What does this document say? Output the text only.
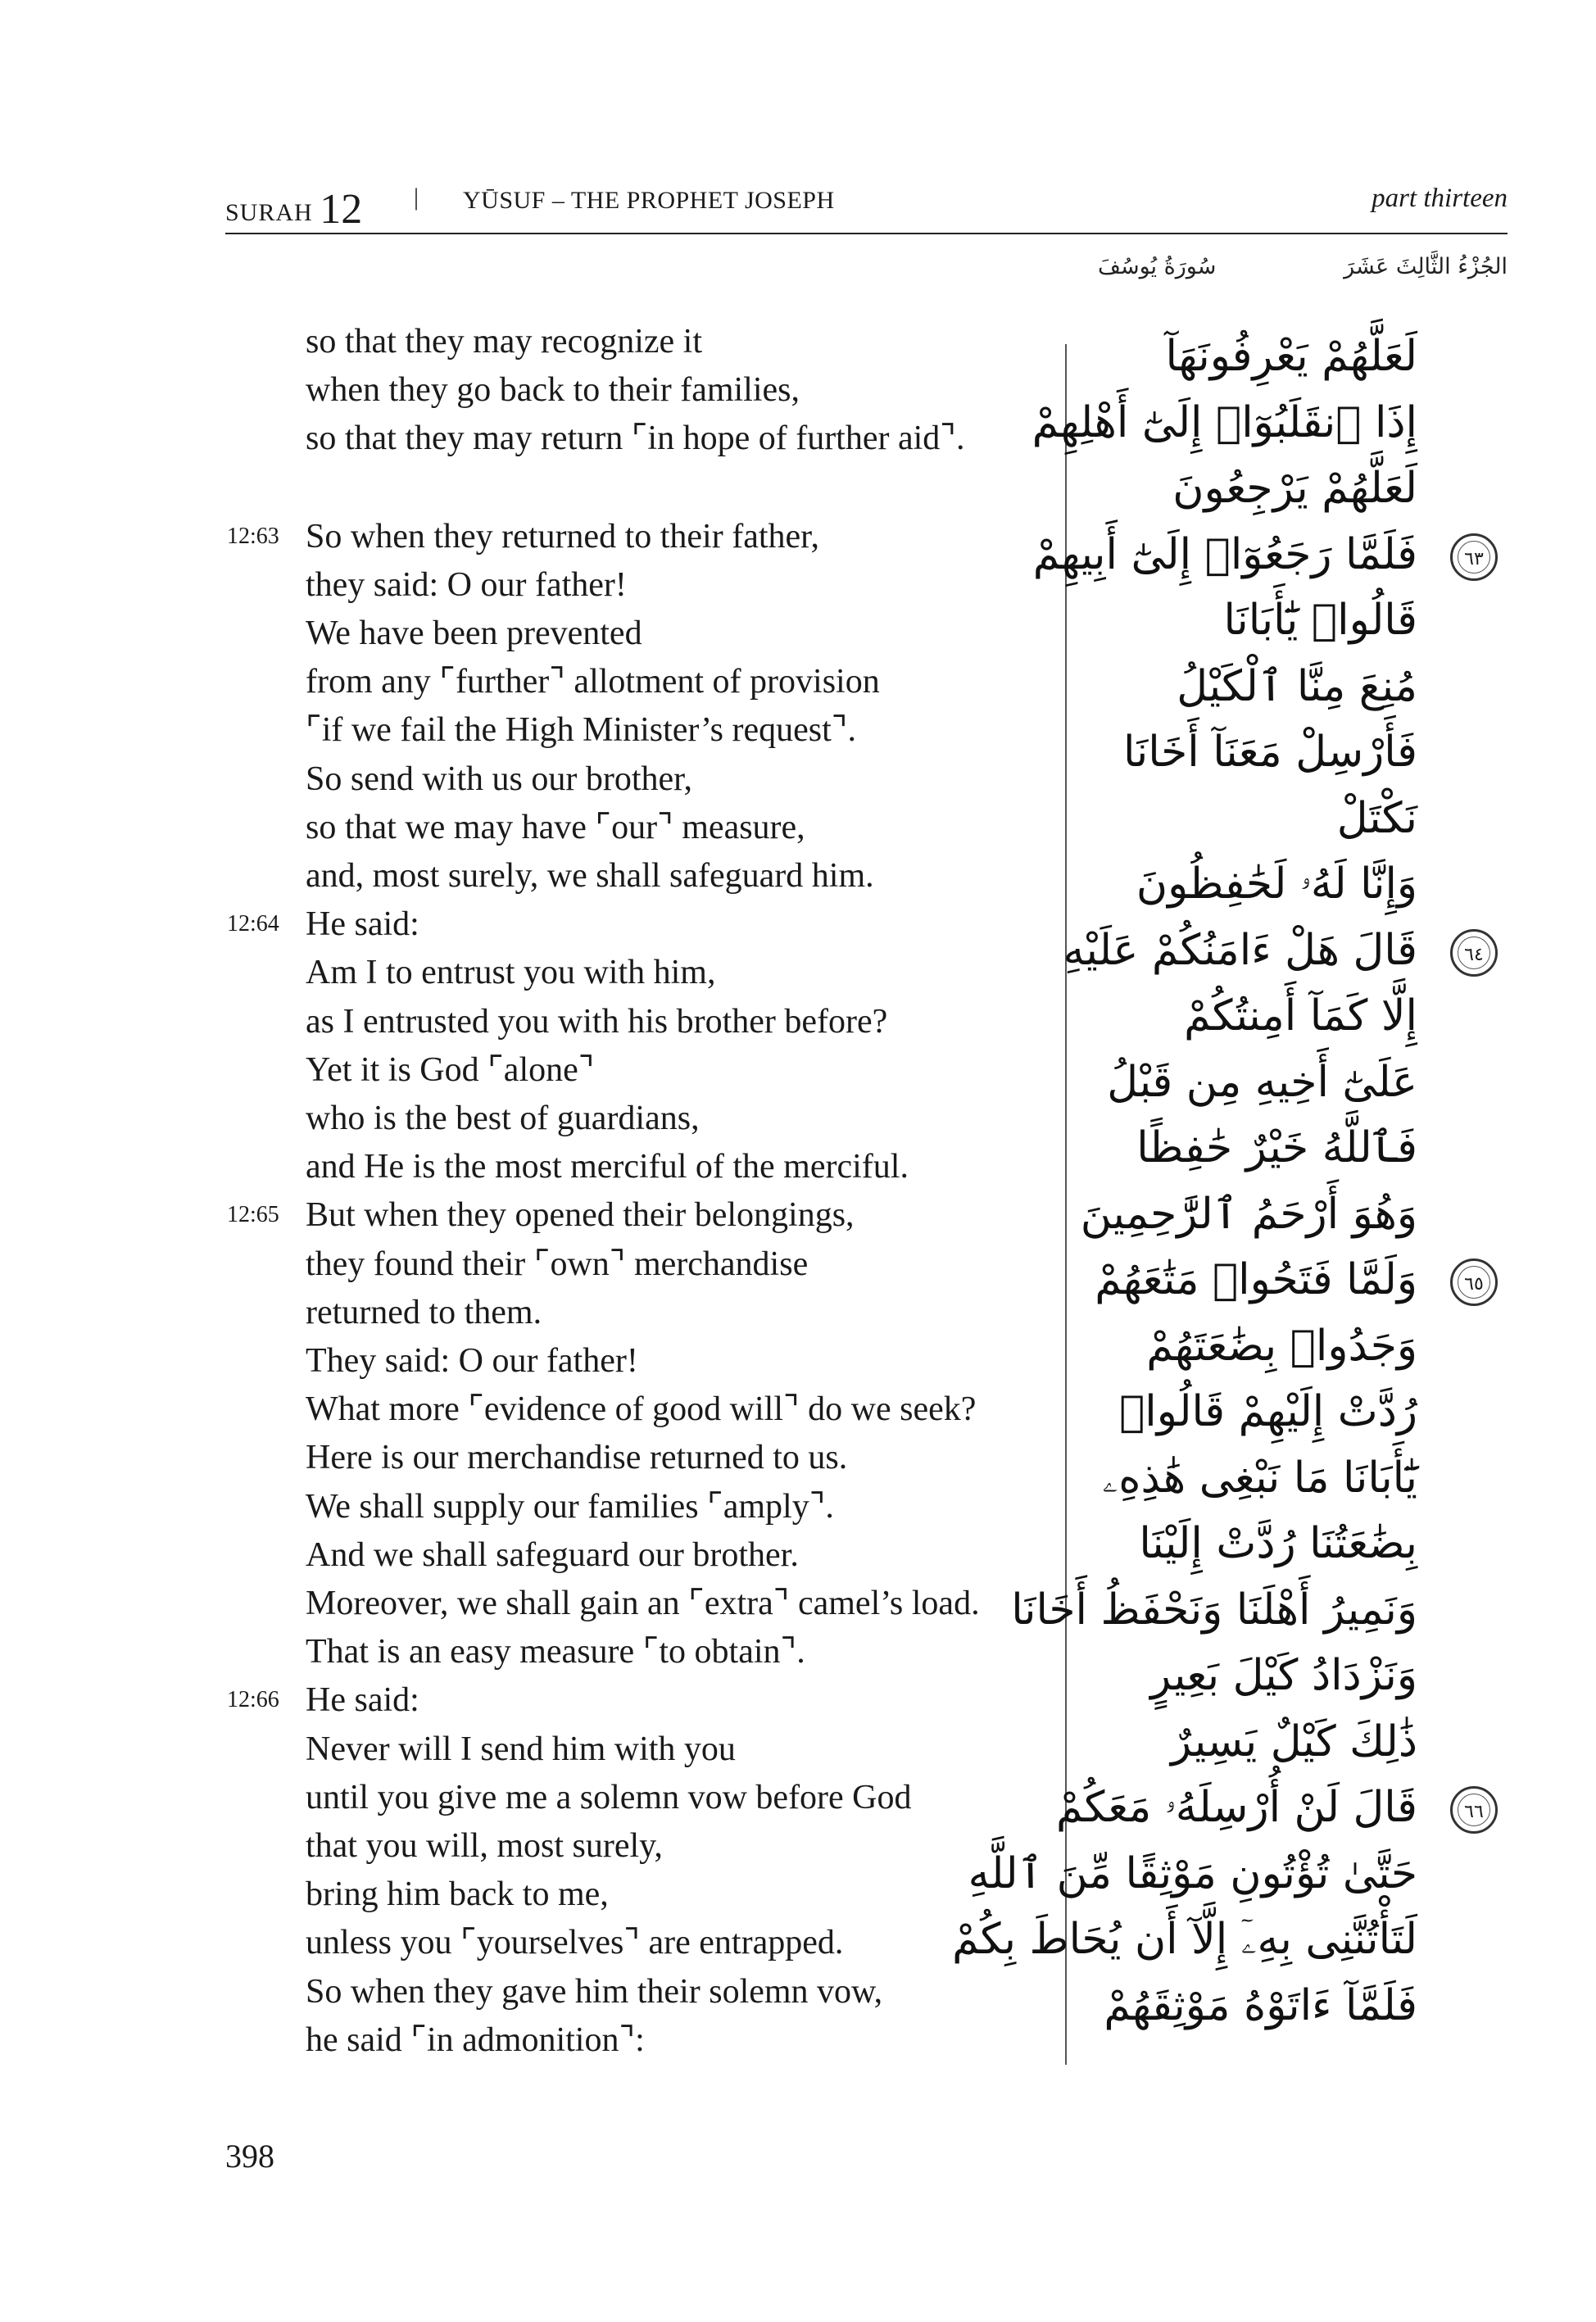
SURAH 12 | YŪSUF – THE PROPHET JOSEPH	part thirteen
الجُزْءُ الثَّالِثَ عَشَرَ
سُورَةُ يُوسُفَ
so that they may recognize it
when they go back to their families,
so that they may return ⌜in hope of further aid⌝.
So when they returned to their father,
12:63
they said: O our father!
We have been prevented
from any ⌜further⌝ allotment of provision
⌜if we fail the High Minister’s request⌝.
So send with us our brother,
so that we may have ⌜our⌝ measure,
and, most surely, we shall safeguard him.
He said:
12:64
Am I to entrust you with him,
as I entrusted you with his brother before?
Yet it is God ⌜alone⌝
who is the best of guardians,
and He is the most merciful of the merciful.
But when they opened their belongings,
12:65
they found their ⌜own⌝ merchandise
returned to them.
They said: O our father!
What more ⌜evidence of good will⌝ do we seek?
Here is our merchandise returned to us.
We shall supply our families ⌜amply⌝.
And we shall safeguard our brother.
Moreover, we shall gain an ⌜extra⌝ camel’s load.
That is an easy measure ⌜to obtain⌝.
He said:
12:66
Never will I send him with you
until you give me a solemn vow before God
that you will, most surely,
bring him back to me,
unless you ⌜yourselves⌝ are entrapped.
So when they gave him their solemn vow,
he said ⌜in admonition⌝:
لَعَلَّهُمْ يَعْرِفُونَهَآ
إِذَا ٱنقَلَبُوٓا۟ إِلَىٰٓ أَهْلِهِمْ
لَعَلَّهُمْ يَرْجِعُونَ
فَلَمَّا رَجَعُوٓا۟ إِلَىٰٓ أَبِيهِمْ
قَالُوا۟ يَٰٓأَبَانَا
مُنِعَ مِنَّا ٱلْكَيْلُ
فَأَرْسِلْ مَعَنَآ أَخَانَا
نَكْتَلْ
وَإِنَّا لَهُۥ لَحَٰفِظُونَ
قَالَ هَلْ ءَامَنُكُمْ عَلَيْهِ
إِلَّا كَمَآ أَمِنتُكُمْ
عَلَىٰٓ أَخِيهِ مِن قَبْلُ
فَٱللَّهُ خَيْرٌ حَٰفِظًا
وَهُوَ أَرْحَمُ ٱلرَّٰحِمِينَ
وَلَمَّا فَتَحُوا۟ مَتَٰعَهُمْ
وَجَدُوا۟ بِضَٰعَتَهُمْ
رُدَّتْ إِلَيْهِمْ قَالُوا۟
يَٰٓأَبَانَا مَا نَبْغِى هَٰذِهِۦ
بِضَٰعَتُنَا رُدَّتْ إِلَيْنَا
وَنَمِيرُ أَهْلَنَا وَنَحْفَظُ أَخَانَا
وَنَزْدَادُ كَيْلَ بَعِيرٍ
ذَٰلِكَ كَيْلٌ يَسِيرٌ
قَالَ لَنْ أُرْسِلَهُۥ مَعَكُمْ
حَتَّىٰ تُؤْتُونِ مَوْثِقًا مِّنَ ٱللَّهِ
لَتَأْتُنَّنِى بِهِۦٓ إِلَّآ أَن يُحَاطَ بِكُمْ
فَلَمَّآ ءَاتَوْهُ مَوْثِقَهُمْ
398
٦٣
٦٤
٦٥
٦٦
